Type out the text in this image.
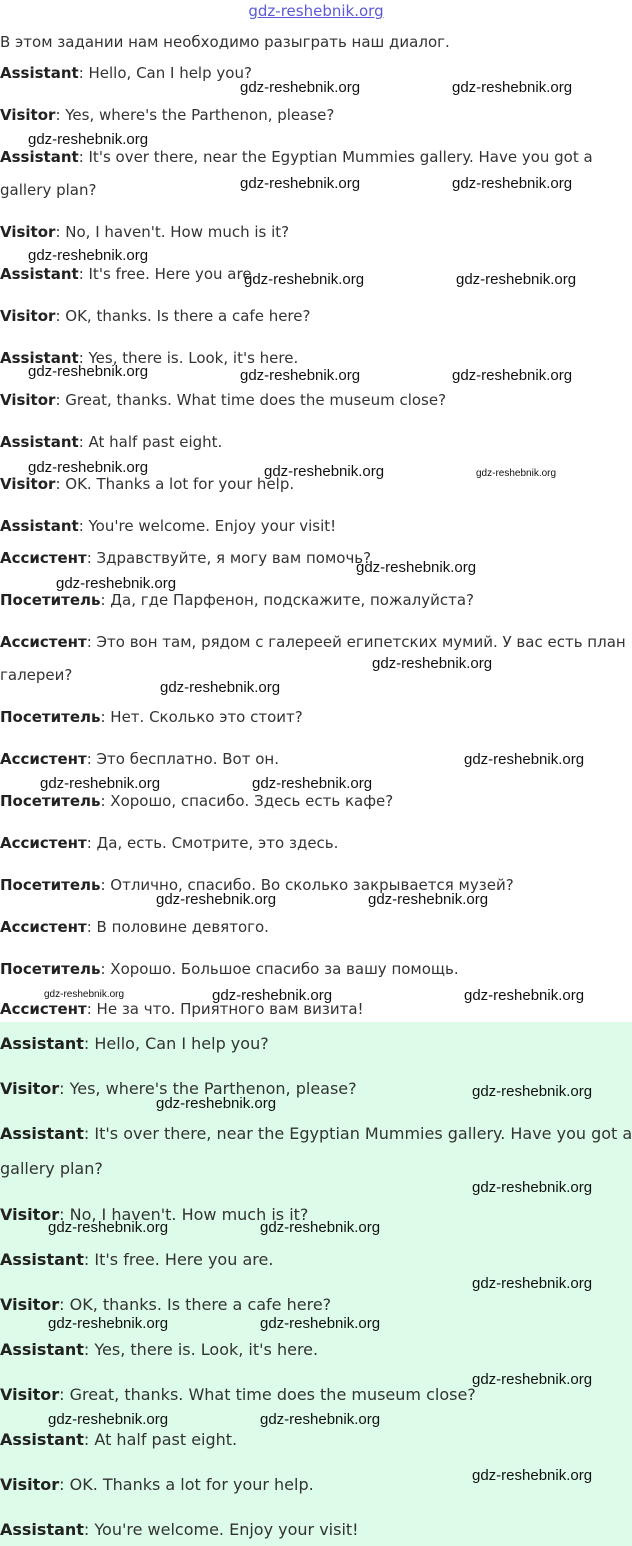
gdz-reshebnik.org
В этом задании нам необходимо разыграть наш диалог.
Assistant: Hello, Can I help you?
Visitor: Yes, where's the Parthenon, please?
Assistant: It's over there, near the Egyptian Mummies gallery. Have you got a
gallery plan?
Visitor: No, I haven't. How much is it?
Assistant: It's free. Here you are.
Visitor: OK, thanks. Is there a cafe here?
Assistant: Yes, there is. Look, it's here.
Visitor: Great, thanks. What time does the museum close?
Assistant: At half past eight.
Visitor: OK. Thanks a lot for your help.
Assistant: You're welcome. Enjoy your visit!
Ассистент: Здравствуйте, я могу вам помочь?
Посетитель: Да, где Парфенон, подскажите, пожалуйста?
Ассистент: Это вон там, рядом с галереей египетских мумий. У вас есть план
галереи?
Посетитель: Нет. Сколько это стоит?
Ассистент: Это бесплатно. Вот он.
Посетитель: Хорошо, спасибо. Здесь есть кафе?
Ассистент: Да, есть. Смотрите, это здесь.
Посетитель: Отлично, спасибо. Во сколько закрывается музей?
Ассистент: В половине девятого.
Посетитель: Хорошо. Большое спасибо за вашу помощь.
Ассистент: Не за что. Приятного вам визита!
Assistant: Hello, Can I help you?
Visitor: Yes, where's the Parthenon, please?
Assistant: It's over there, near the Egyptian Mummies gallery. Have you got a
gallery plan?
Visitor: No, I haven't. How much is it?
Assistant: It's free. Here you are.
Visitor: OK, thanks. Is there a cafe here?
Assistant: Yes, there is. Look, it's here.
Visitor: Great, thanks. What time does the museum close?
Assistant: At half past eight.
Visitor: OK. Thanks a lot for your help.
Assistant: You're welcome. Enjoy your visit!
gdz-reshebnik.org	gdz-reshebnik.org
gdz-reshebnik.org
gdz-reshebnik.org	gdz-reshebnik.org
gdz-reshebnik.org
gdz-reshebnik.org	gdz-reshebnik.org
gdz-reshebnik.org	gdz-reshebnik.org	gdz-reshebnik.org
gdz-reshebnik.org	gdz-reshebnik.org	gdz-reshebnik.org
gdz-reshebnik.org
gdz-reshebnik.org
gdz-reshebnik.org
gdz-reshebnik.org
gdz-reshebnik.org
gdz-reshebnik.org	gdz-reshebnik.org
gdz-reshebnik.org	gdz-reshebnik.org
gdz-reshebnik.org	gdz-reshebnik.org	gdz-reshebnik.org
gdz-reshebnik.org
gdz-reshebnik.org
gdz-reshebnik.org
gdz-reshebnik.org	gdz-reshebnik.org
gdz-reshebnik.org
gdz-reshebnik.org	gdz-reshebnik.org
gdz-reshebnik.org
gdz-reshebnik.org	gdz-reshebnik.org
gdz-reshebnik.org
